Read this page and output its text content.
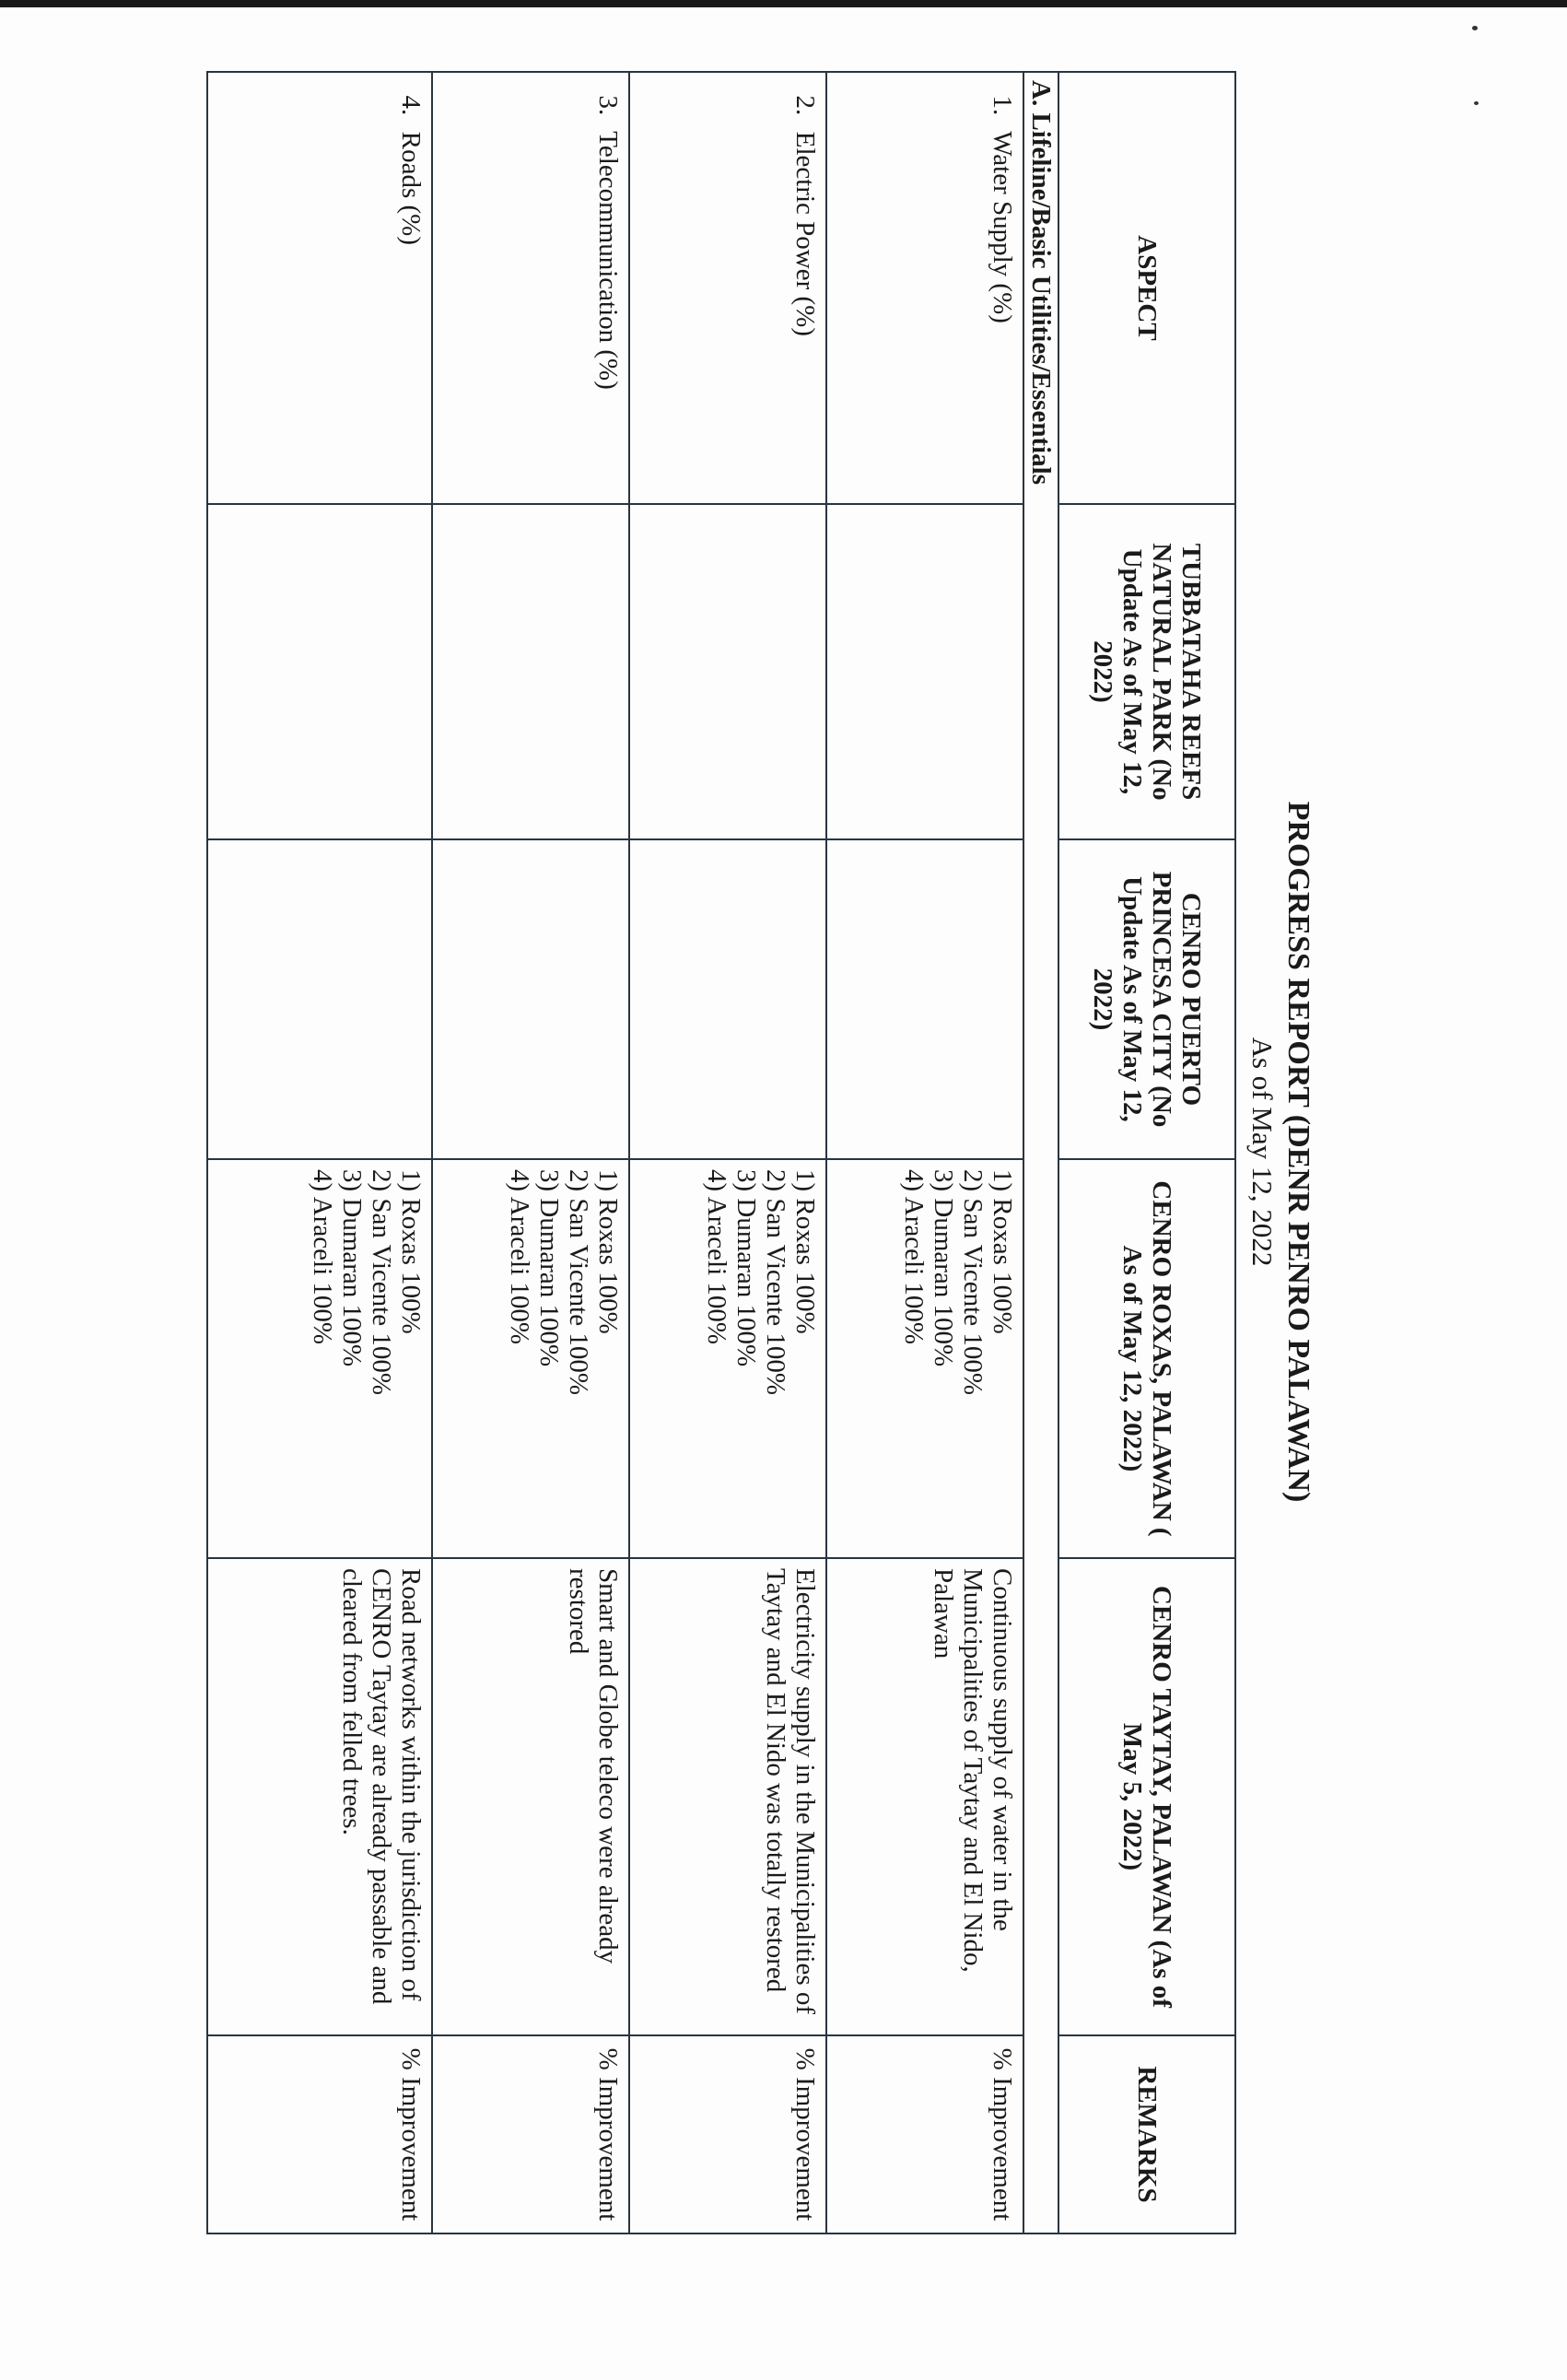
PROGRESS REPORT (DENR PENRO PALAWAN)
As of May 12, 2022
ASPECT	TUBBATAHA REEFS NATURAL PARK (No Update As of May 12, 2022)	CENRO PUERTO PRINCESA CITY (No Update As of May 12, 2022)	CENRO ROXAS, PALAWAN ( As of May 12, 2022)	CENRO TAYTAY, PALAWAN (As of May 5, 2022)	REMARKS
A. Lifeline/Basic Utilities/Essentials					
1. Water Supply (%)			1) Roxas 100%
2) San Vicente 100%
3) Dumaran 100%
4) Araceli 100%	Continuous supply of water in the Municipalities of Taytay and El Nido, Palawan	% Improvement
2. Electric Power (%)			1) Roxas 100%
2) San Vicente 100%
3) Dumaran 100%
4) Araceli 100%	Electricity supply in the Municipalities of Taytay and El Nido was totally restored	% Improvement
3. Telecommunication (%)			1) Roxas 100%
2) San Vicente 100%
3) Dumaran 100%
4) Araceli 100%	Smart and Globe teleco were already restored	% Improvement
4. Roads (%)			1) Roxas 100%
2) San Vicente 100%
3) Dumaran 100%
4) Araceli 100%	Road networks within the jurisdiction of CENRO Taytay are already passable and cleared from felled trees.	% Improvement
